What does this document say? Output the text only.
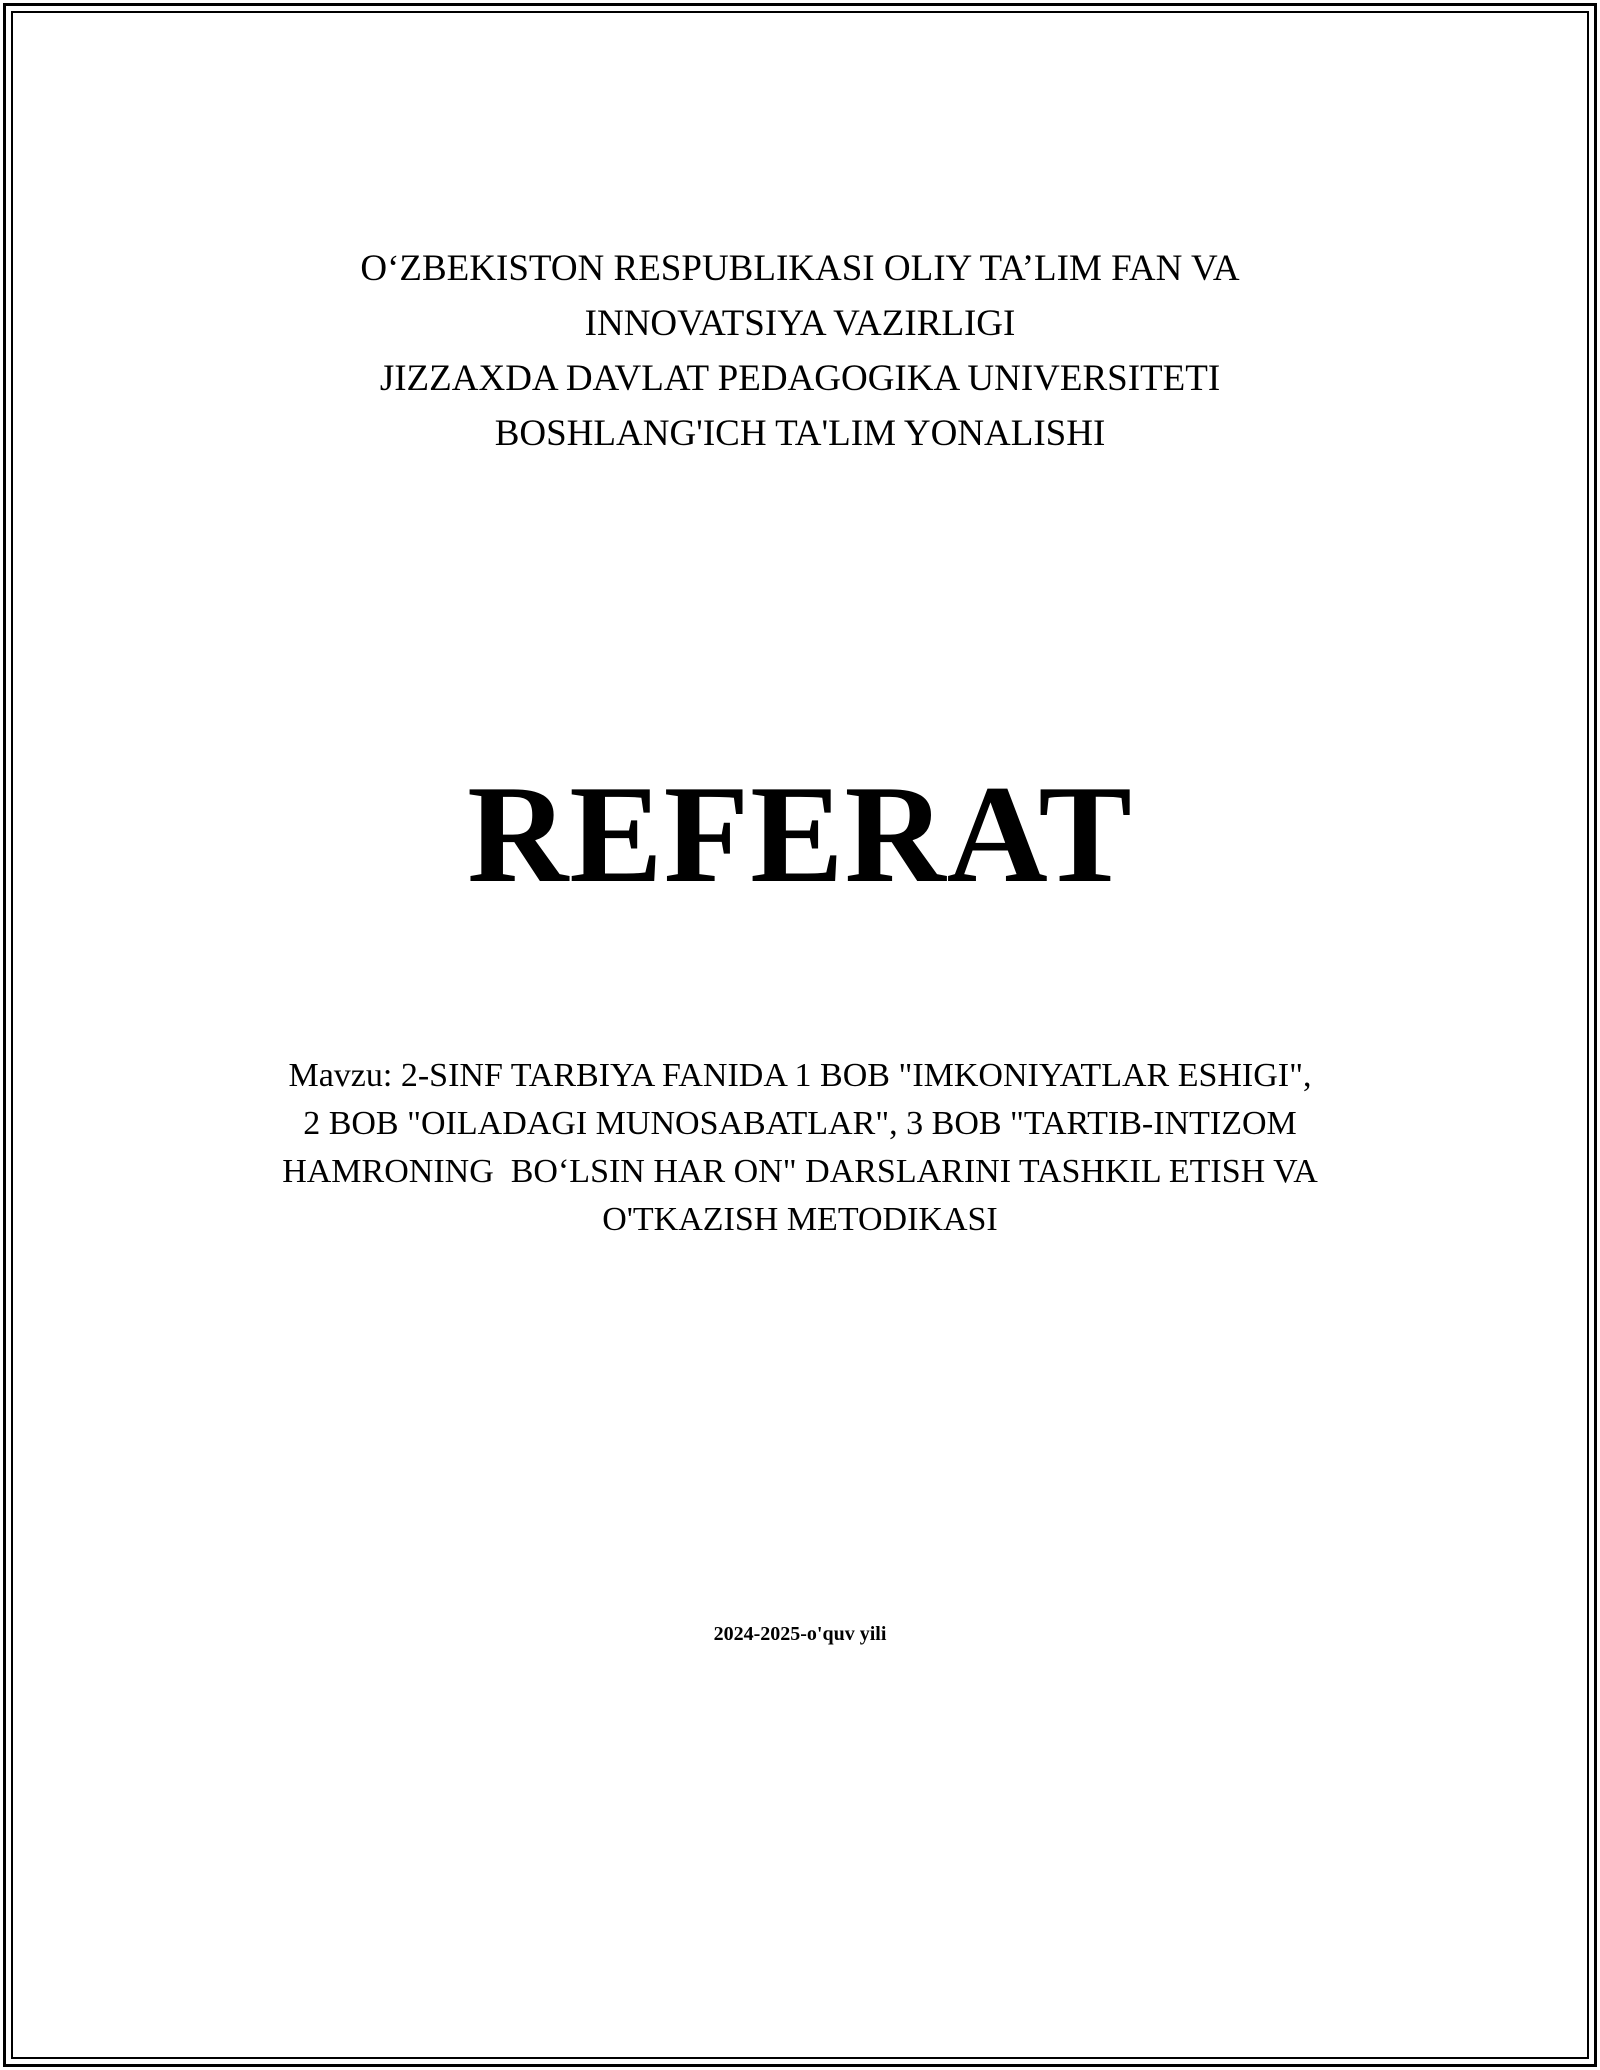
O‘ZBEKISTON RESPUBLIKASI OLIY TA’LIM FAN VA
INNOVATSIYA VAZIRLIGI
JIZZAXDA DAVLAT PEDAGOGIKA UNIVERSITETI
BOSHLANG'ICH TA'LIM YONALISHI
REFERAT
Mavzu: 2-SINF TARBIYA FANIDA 1 BOB "IMKONIYATLAR ESHIGI",
2 BOB "OILADAGI MUNOSABATLAR", 3 BOB "TARTIB-INTIZOM
HAMRONING  BO‘LSIN HAR ON" DARSLARINI TASHKIL ETISH VA
O'TKAZISH METODIKASI
2024-2025-o'quv yili
